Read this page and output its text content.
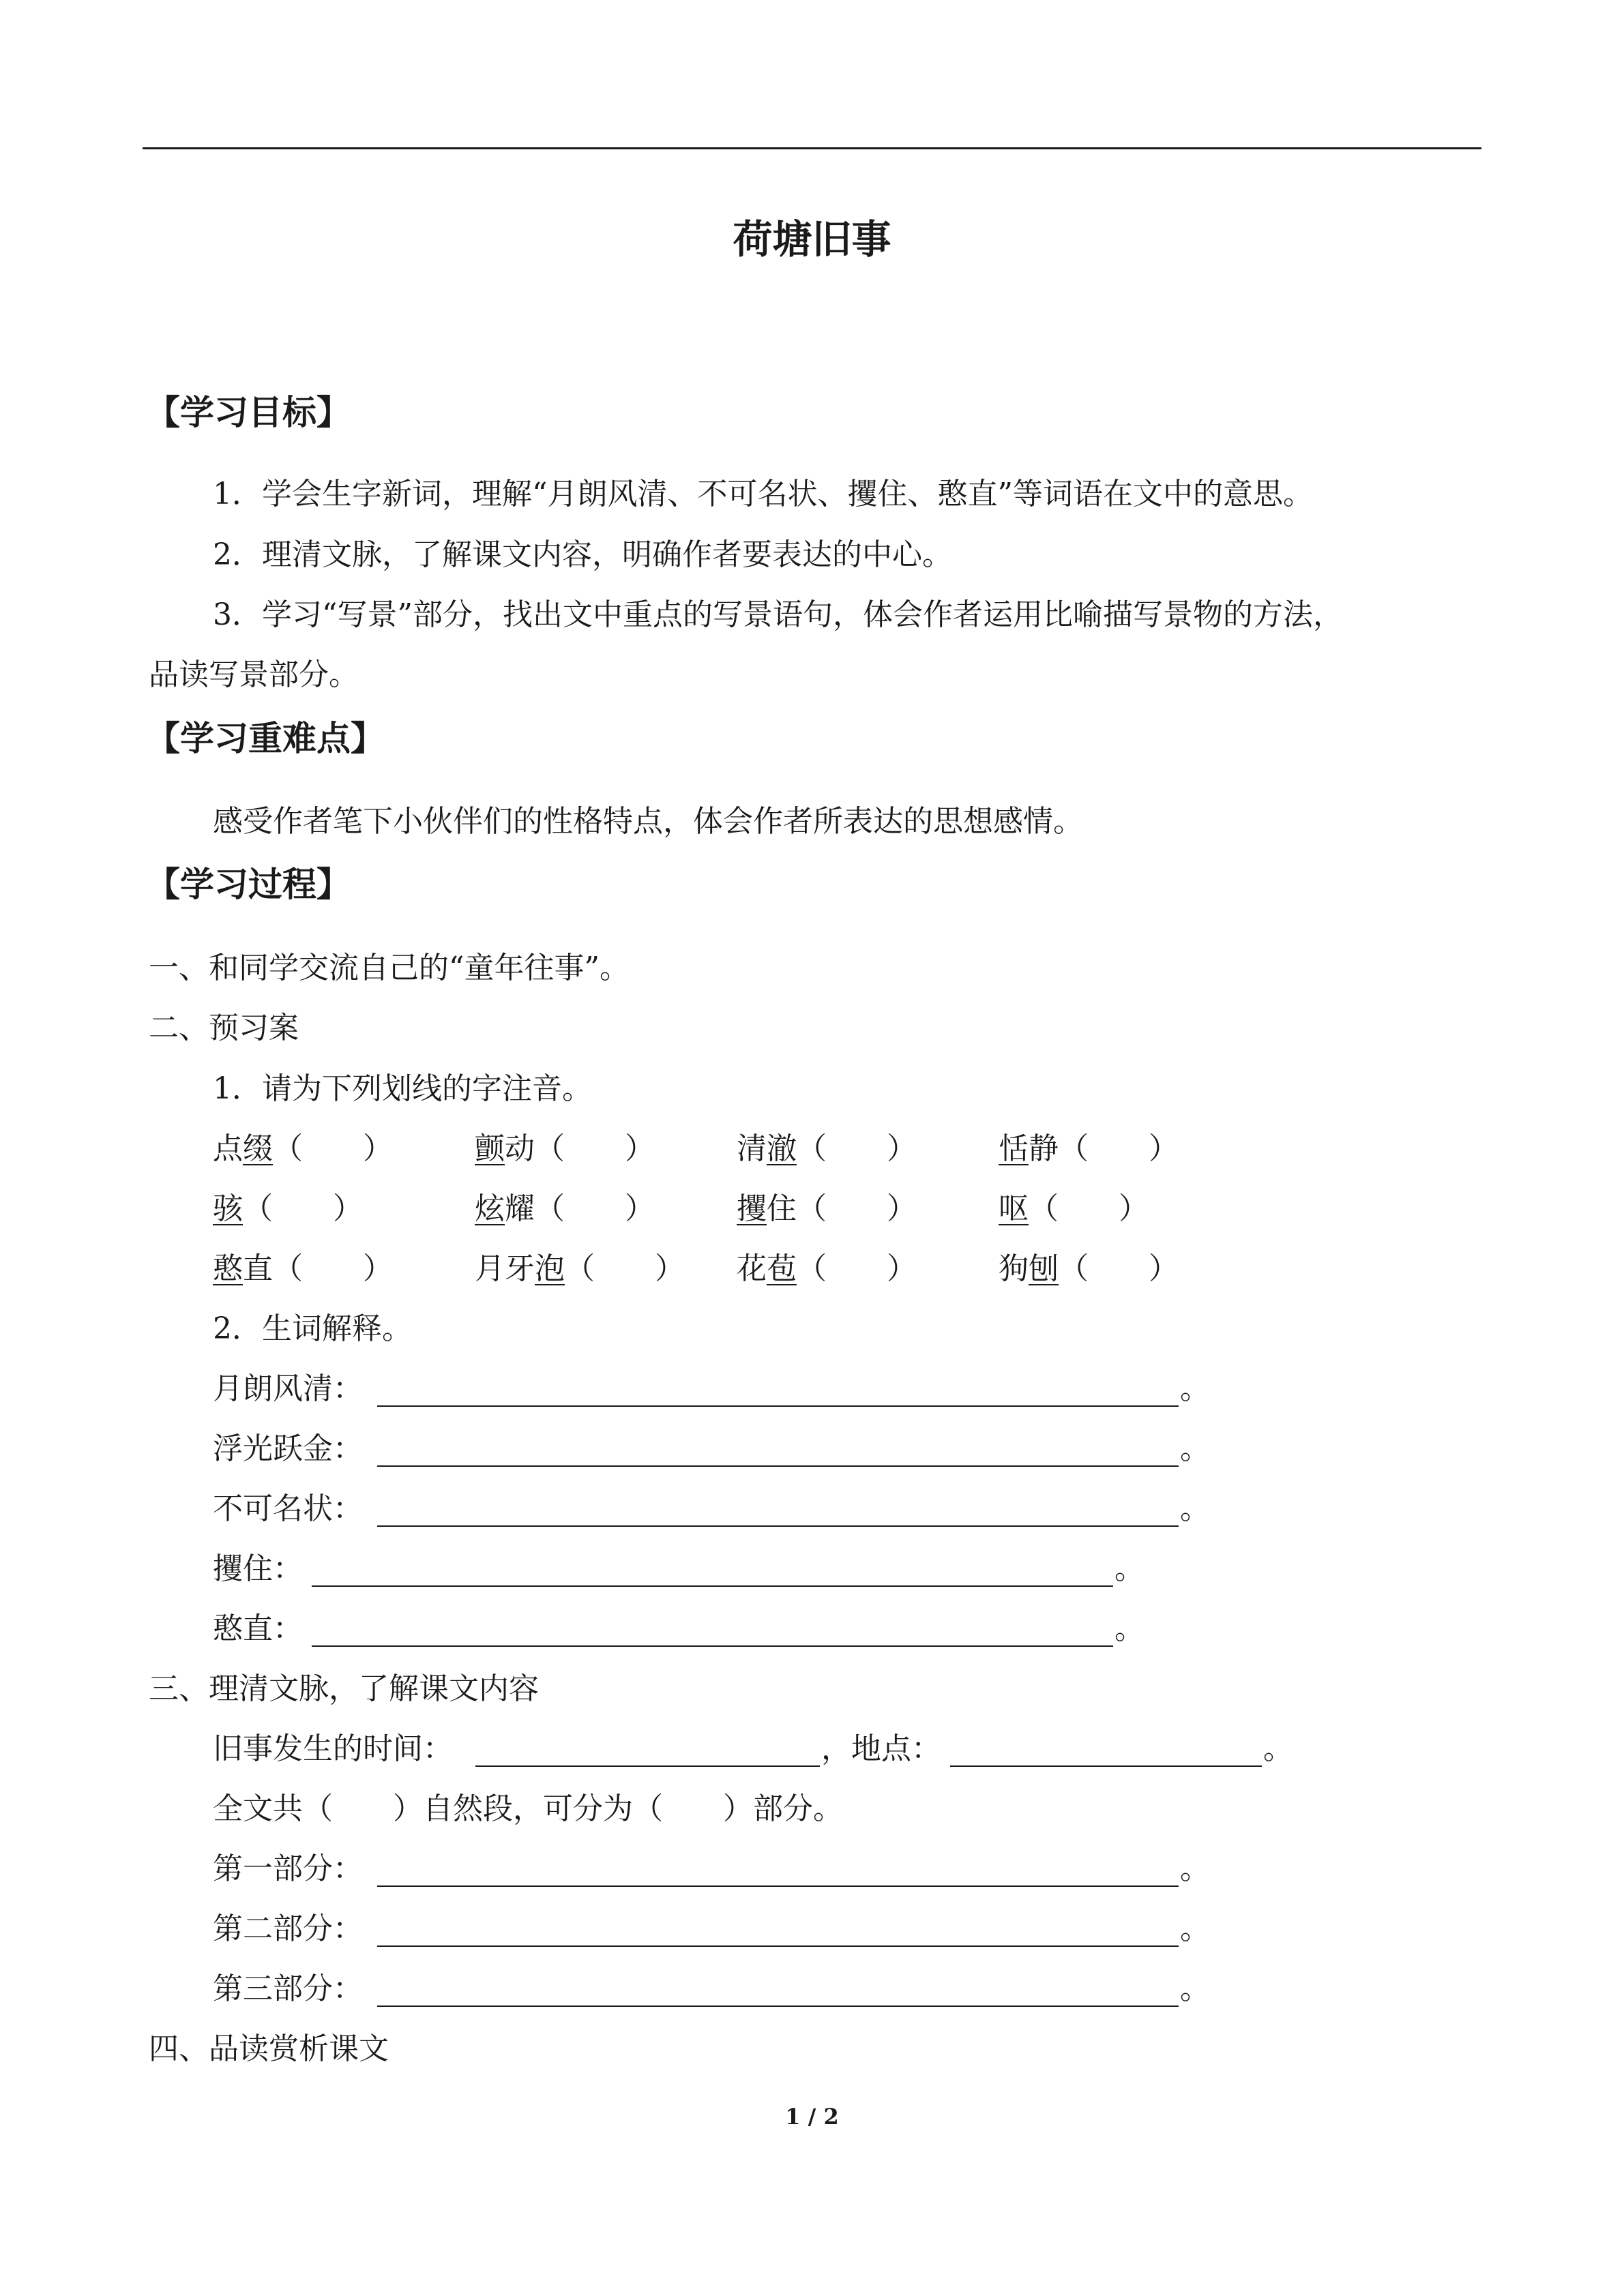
荷塘旧事
【学习目标】
1．学会生字新词，理解“月朗风清、不可名状、攫住、憨直”等词语在文中的意思。
2．理清文脉，了解课文内容，明确作者要表达的中心。
3．学习“写景”部分，找出文中重点的写景语句，体会作者运用比喻描写景物的方法，
品读写景部分。
【学习重难点】
感受作者笔下小伙伴们的性格特点，体会作者所表达的思想感情。
【学习过程】
一、和同学交流自己的“童年往事”。
二、预习案
1．请为下列划线的字注音。
点 缀 （　　）	颤 动 （　　）	清 澈 （　　）	恬 静 （　　）
骇 （　　）	炫 耀 （　　）	攫 住 （　　）	呕 （　　）
憨 直 （　　）	月牙 泡 （　　） 花 苞 （　　）	狗 刨 （　　）
2．生词解释。
月朗风清：	。
浮光跃金：	。
不可名状：	。
攫住：	。
憨直：	。
三、理清文脉，了解课文内容
旧事发生的时间：	，地点：	。
全文共（　　）自然段，可分为（　　）部分。
第一部分：	。
第二部分：	。
第三部分：	。
四、品读赏析课文
1 / 2
